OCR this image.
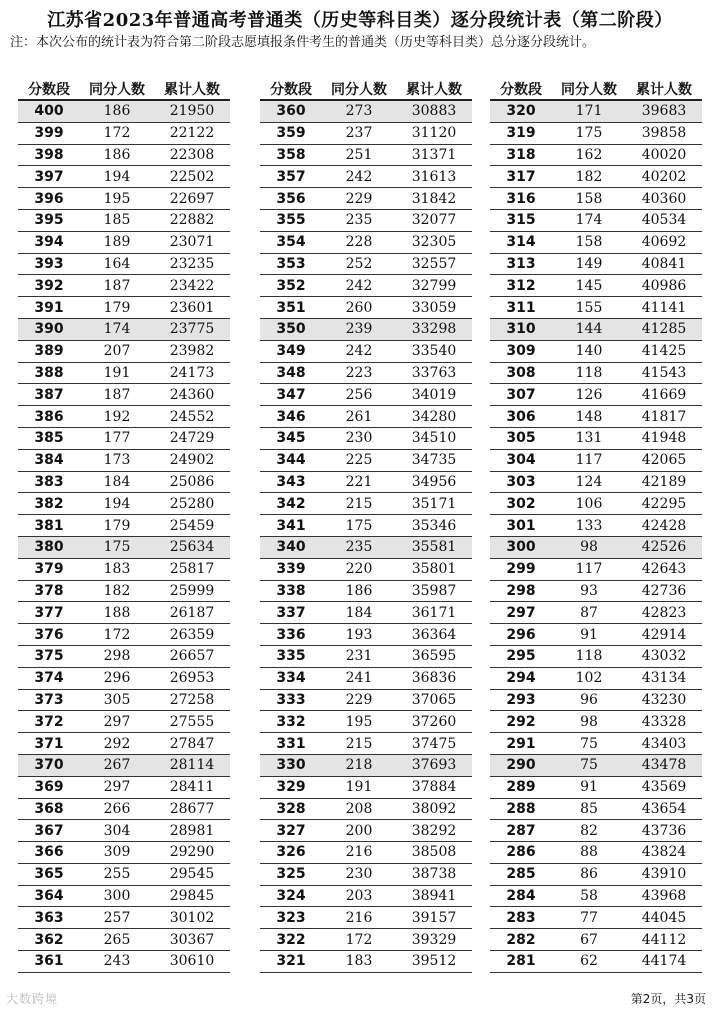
江苏省2023年普通高考普通类（历史等科目类）逐分段统计表（第二阶段）
注：本次公布的统计表为符合第二阶段志愿填报条件考生的普通类（历史等科目类）总分逐分段统计。
分数段	同分人数	累计人数
400	186	21950
399	172	22122
398	186	22308
397	194	22502
396	195	22697
395	185	22882
394	189	23071
393	164	23235
392	187	23422
391	179	23601
390	174	23775
389	207	23982
388	191	24173
387	187	24360
386	192	24552
385	177	24729
384	173	24902
383	184	25086
382	194	25280
381	179	25459
380	175	25634
379	183	25817
378	182	25999
377	188	26187
376	172	26359
375	298	26657
374	296	26953
373	305	27258
372	297	27555
371	292	27847
370	267	28114
369	297	28411
368	266	28677
367	304	28981
366	309	29290
365	255	29545
364	300	29845
363	257	30102
362	265	30367
361	243	30610
分数段	同分人数	累计人数
360	273	30883
359	237	31120
358	251	31371
357	242	31613
356	229	31842
355	235	32077
354	228	32305
353	252	32557
352	242	32799
351	260	33059
350	239	33298
349	242	33540
348	223	33763
347	256	34019
346	261	34280
345	230	34510
344	225	34735
343	221	34956
342	215	35171
341	175	35346
340	235	35581
339	220	35801
338	186	35987
337	184	36171
336	193	36364
335	231	36595
334	241	36836
333	229	37065
332	195	37260
331	215	37475
330	218	37693
329	191	37884
328	208	38092
327	200	38292
326	216	38508
325	230	38738
324	203	38941
323	216	39157
322	172	39329
321	183	39512
分数段	同分人数	累计人数
320	171	39683
319	175	39858
318	162	40020
317	182	40202
316	158	40360
315	174	40534
314	158	40692
313	149	40841
312	145	40986
311	155	41141
310	144	41285
309	140	41425
308	118	41543
307	126	41669
306	148	41817
305	131	41948
304	117	42065
303	124	42189
302	106	42295
301	133	42428
300	98	42526
299	117	42643
298	93	42736
297	87	42823
296	91	42914
295	118	43032
294	102	43134
293	96	43230
292	98	43328
291	75	43403
290	75	43478
289	91	43569
288	85	43654
287	82	43736
286	88	43824
285	86	43910
284	58	43968
283	77	44045
282	67	44112
281	62	44174
大数跨境	第2页，共3页
